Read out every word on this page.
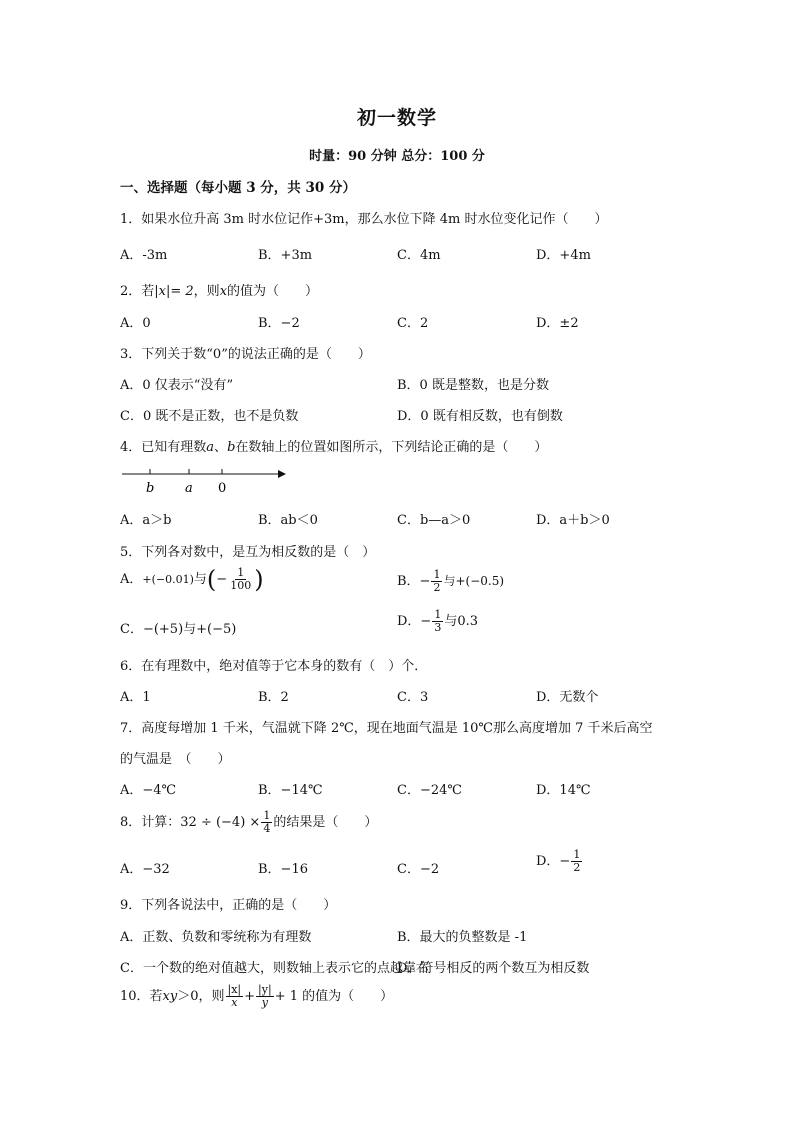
初一数学
时量：90 分钟 总分：100 分
一、选择题（每小题 3 分，共 30 分）
1．如果水位升高 3m 时水位记作+3m，那么水位下降 4m 时水位变化记作（　　）
A．-3m	B．+3m	C．4m	D．+4m
2．若|x|= 2，则x的值为（　　）
A．0	B．−2	C．2	D．±2
3．下列关于数“0”的说法正确的是（　　）
A．0 仅表示“没有”	B．0 既是整数，也是分数
C．0 既不是正数，也不是负数	D．0 既有相反数，也有倒数
4．已知有理数a、b在数轴上的位置如图所示，下列结论正确的是（　　）
b a 0
A．a＞b	B．ab＜0	C．b—a＞0	D．a＋b＞0
5．下列各对数中，是互为相反数的是（　）
A．+(−0.01)与(− $\frac{1}{100}$ )	B．− $\frac{1}{2}$ 与+(−0.5)
C．−(+5)与+(−5)
D．− $\frac{1}{3}$ 与0.3
6．在有理数中，绝对值等于它本身的数有（　）个．
A．1	B．2	C．3	D．无数个
7．高度每增加 1 千米，气温就下降 2℃，现在地面气温是 10℃那么高度增加 7 千米后高空
的气温是　（　　）
A．−4℃	B．−14℃	C．−24℃	D．14℃
8．计算：$32 \div (-4) \times \frac{1}{4}$ 的结果是（　　）
A．−32	B．−16	C．−2
D．− $\frac{1}{2}$
9．下列各说法中，正确的是（　　）
A．正数、负数和零统称为有理数	B．最大的负整数是 -1
C．一个数的绝对值越大，则数轴上表示它的点越靠右
D．符号相反的两个数互为相反数
10．若xy＞0，则 $\frac{|x|}{x} + \frac{|y|}{y} + 1$ 的值为（　　）
